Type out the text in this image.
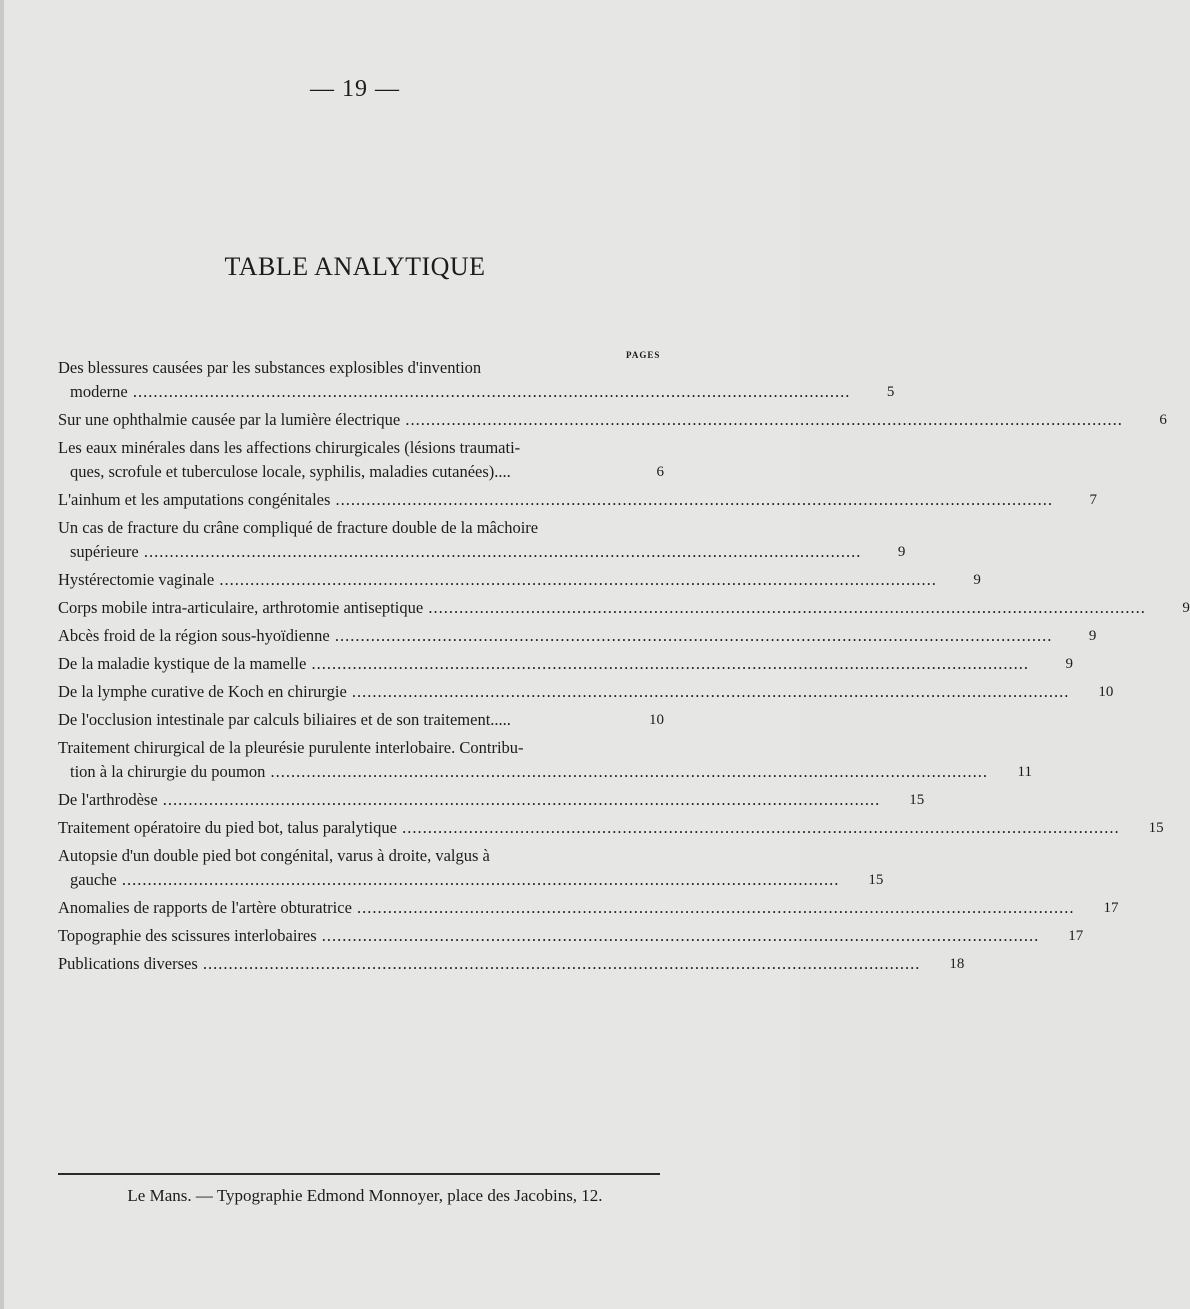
— 19 —
TABLE ANALYTIQUE
PAGES
Des blessures causées par les substances explosibles d'invention
moderne ............................................................................................................................................	5
Sur une ophthalmie causée par la lumière électrique ............................................................................................................................................	6
Les eaux minérales dans les affections chirurgicales (lésions traumati-
ques, scrofule et tuberculose locale, syphilis, maladies cutanées)....	6
L'ainhum et les amputations congénitales ............................................................................................................................................	7
Un cas de fracture du crâne compliqué de fracture double de la mâchoire
supérieure ............................................................................................................................................	9
Hystérectomie vaginale ............................................................................................................................................	9
Corps mobile intra-articulaire, arthrotomie antiseptique ............................................................................................................................................	9
Abcès froid de la région sous-hyoïdienne ............................................................................................................................................	9
De la maladie kystique de la mamelle ............................................................................................................................................	9
De la lymphe curative de Koch en chirurgie ............................................................................................................................................	10
De l'occlusion intestinale par calculs biliaires et de son traitement.....	10
Traitement chirurgical de la pleurésie purulente interlobaire. Contribu-
tion à la chirurgie du poumon ............................................................................................................................................	11
De l'arthrodèse ............................................................................................................................................	15
Traitement opératoire du pied bot, talus paralytique ............................................................................................................................................	15
Autopsie d'un double pied bot congénital, varus à droite, valgus à
gauche ............................................................................................................................................	15
Anomalies de rapports de l'artère obturatrice ............................................................................................................................................	17
Topographie des scissures interlobaires ............................................................................................................................................	17
Publications diverses ............................................................................................................................................	18
Le Mans. — Typographie Edmond Monnoyer, place des Jacobins, 12.
